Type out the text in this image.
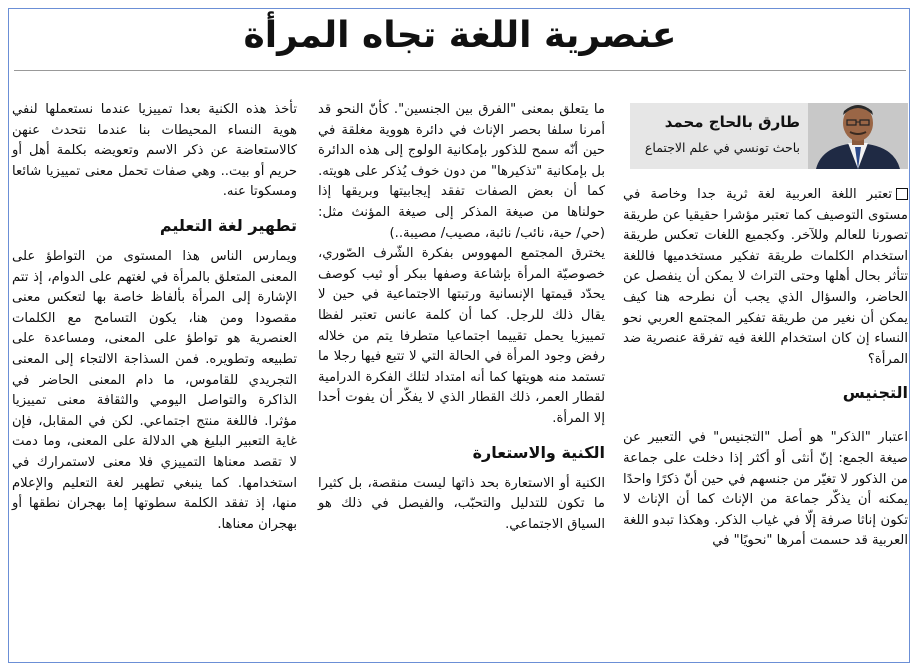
عنصرية اللغة تجاه المرأة
طارق بالحاج محمد
باحث تونسي في علم الاجتماع

تعتبر اللغة العربية لغة ثرية جدا وخاصة في مستوى التوصيف كما تعتبر مؤشرا حقيقيا عن طريقة تصورنا للعالم وللآخر. وكجميع اللغات تعكس طريقة استخدام الكلمات طريقة تفكير مستخدميها فاللغة تتأثر بحال أهلها وحتى التراث لا يمكن أن ينفصل عن الحاضر، والسؤال الذي يجب أن نطرحه هنا كيف يمكن أن نغير من طريقة تفكير المجتمع العربي نحو النساء إن كان استخدام اللغة فيه تفرقة عنصرية ضد المرأة؟

التجنيس

اعتبار "الذكر" هو أصل "التجنيس" في التعبير عن صيغة الجمع: إنّ أنثى أو أكثر إذا دخلت على جماعة من الذكور لا تغيّر من جنسهم في حين أنّ ذكرًا واحدًا يمكنه أن يذكّر جماعة من الإناث كما أن الإناث لا تكون إناثا صرفة إلّا في غياب الذكر. وهكذا تبدو اللغة العربية قد حسمت أمرها "نحويًا" في

ما يتعلق بمعنى "الفرق بين الجنسين". كأنّ النحو قد أمرنا سلفا بحصر الإناث في دائرة هووية مغلقة في حين أنّه سمح للذكور بإمكانية الولوج إلى هذه الدائرة بل بإمكانية "تذكيرها" من دون خوف يُذكر على هويته.

كما أن بعض الصفات تفقد إيجابيتها وبريقها إذا حولناها من صيغة المذكر إلى صيغة المؤنث مثل: (حي/ حية، نائب/ نائبة، مصيب/ مصيبة..)

يخترق المجتمع المهووس بفكرة الشّرف الصّوري، خصوصيّة المرأة بإشاعة وصفها ببكر أو ثيب كوصف يحدّد قيمتها الإنسانية ورتبتها الاجتماعية في حين لا يقال ذلك للرجل. كما أن كلمة عانس تعتبر لفظا تمييزيا يحمل تقييما اجتماعيا متطرفا يتم من خلاله رفض وجود المرأة في الحالة التي لا تتبع فيها رجلا ما تستمد منه هويتها كما أنه امتداد لتلك الفكرة الدرامية لقطار العمر، ذلك القطار الذي لا يفكّر أن يفوت أحدا إلا المرأة.

الكنية والاستعارة

الكنية أو الاستعارة بحد ذاتها ليست منقصة، بل كثيرا ما تكون للتدليل والتحبّب، والفيصل في ذلك هو السياق الاجتماعي.

تأخذ هذه الكنية بعدا تمييزيا عندما نستعملها لنفي هوية النساء المحيطات بنا عندما نتحدث عنهن كالاستعاضة عن ذكر الاسم وتعويضه بكلمة أهل أو حريم أو بيت.. وهي صفات تحمل معنى تمييزيا شائعا ومسكوتا عنه.

تطهير لغة التعليم

ويمارس الناس هذا المستوى من التواطؤ على المعنى المتعلق بالمرأة في لغتهم على الدوام، إذ تتم الإشارة إلى المرأة بألفاظ خاصة بها لتعكس معنى مقصودا ومن هنا، يكون التسامح مع الكلمات العنصرية هو تواطؤ على المعنى، ومساعدة على تطبيعه وتطويره. فمن السذاجة الالتجاء إلى المعنى التجريدي للقاموس، ما دام المعنى الحاضر في الذاكرة والتواصل اليومي والثقافة معنى تمييزيا مؤثرا. فاللغة منتج اجتماعي. لكن في المقابل، فإن غاية التعبير البليغ هي الدلالة على المعنى، وما دمت لا تقصد معناها التمييزي فلا معنى لاستمرارك في استخدامها. كما ينبغي تطهير لغة التعليم والإعلام منها، إذ تفقد الكلمة سطوتها إما بهجران نطقها أو بهجران معناها.
